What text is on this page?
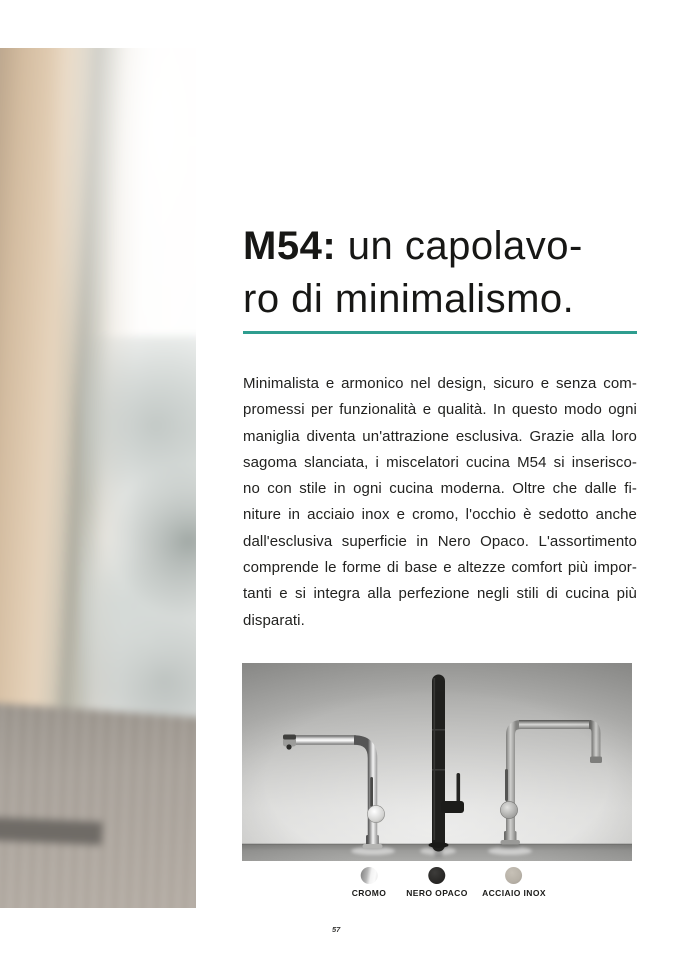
M54: un capolavo-
ro di minimalismo.
Minimalista e armonico nel design, sicuro e senza com-
promessi per funzionalità e qualità. In questo modo ogni
maniglia diventa un'attrazione esclusiva. Grazie alla loro
sagoma slanciata, i miscelatori cucina M54 si inserisco-
no con stile in ogni cucina moderna. Oltre che dalle fi-
niture in acciaio inox e cromo, l'occhio è sedotto anche
dall'esclusiva superficie in Nero Opaco. L'assortimento
comprende le forme di base e altezze comfort più impor-
tanti e si integra alla perfezione negli stili di cucina più
disparati.
CROMO NERO OPACO ACCIAIO INOX
57
